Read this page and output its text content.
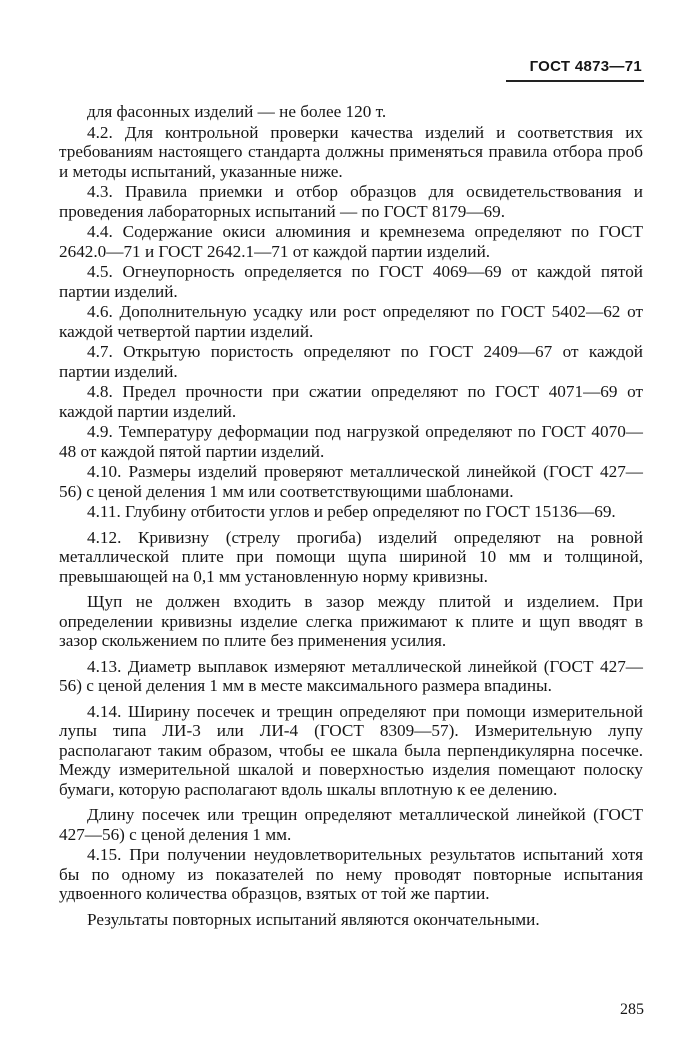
ГОСТ 4873—71

для фасонных изделий — не более 120 т.

4.2. Для контрольной проверки качества изделий и соответствия их требованиям настоящего стандарта должны применяться правила отбора проб и методы испытаний, указанные ниже.

4.3. Правила приемки и отбор образцов для освидетельствования и проведения лабораторных испытаний — по ГОСТ 8179—69.

4.4. Содержание окиси алюминия и кремнезема определяют по ГОСТ 2642.0—71 и ГОСТ 2642.1—71 от каждой партии изделий.

4.5. Огнеупорность определяется по ГОСТ 4069—69 от каждой пятой партии изделий.

4.6. Дополнительную усадку или рост определяют по ГОСТ 5402—62 от каждой четвертой партии изделий.

4.7. Открытую пористость определяют по ГОСТ 2409—67 от каждой партии изделий.

4.8. Предел прочности при сжатии определяют по ГОСТ 4071—69 от каждой партии изделий.

4.9. Температуру деформации под нагрузкой определяют по ГОСТ 4070—48 от каждой пятой партии изделий.

4.10. Размеры изделий проверяют металлической линейкой (ГОСТ 427—56) с ценой деления 1 мм или соответствующими шаблонами.

4.11. Глубину отбитости углов и ребер определяют по ГОСТ 15136—69.

4.12. Кривизну (стрелу прогиба) изделий определяют на ровной металлической плите при помощи щупа шириной 10 мм и толщиной, превышающей на 0,1 мм установленную норму кривизны.

Щуп не должен входить в зазор между плитой и изделием. При определении кривизны изделие слегка прижимают к плите и щуп вводят в зазор скольжением по плите без применения усилия.

4.13. Диаметр выплавок измеряют металлической линейкой (ГОСТ 427—56) с ценой деления 1 мм в месте максимального размера впадины.

4.14. Ширину посечек и трещин определяют при помощи измерительной лупы типа ЛИ-3 или ЛИ-4 (ГОСТ 8309—57). Измерительную лупу располагают таким образом, чтобы ее шкала была перпендикулярна посечке. Между измерительной шкалой и поверхностью изделия помещают полоску бумаги, которую располагают вдоль шкалы вплотную к ее делению.

Длину посечек или трещин определяют металлической линейкой (ГОСТ 427—56) с ценой деления 1 мм.

4.15. При получении неудовлетворительных результатов испытаний хотя бы по одному из показателей по нему проводят повторные испытания удвоенного количества образцов, взятых от той же партии.

Результаты повторных испытаний являются окончательными.

285
